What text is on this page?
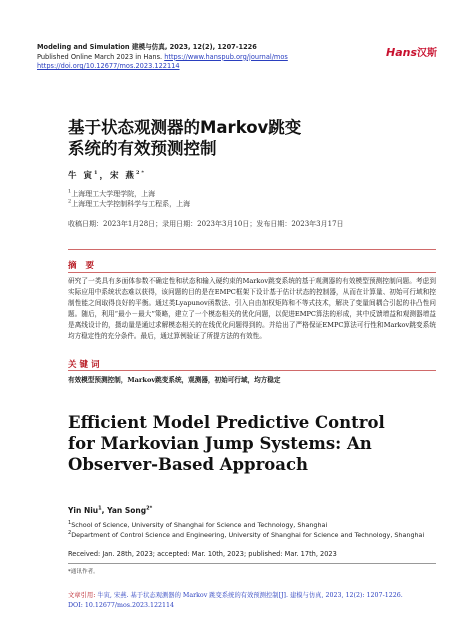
Modeling and Simulation 建模与仿真, 2023, 12(2), 1207-1226
Published Online March 2023 in Hans. https://www.hanspub.org/journal/mos
https://doi.org/10.12677/mos.2023.122114
Hans汉斯
基于状态观测器的Markov跳变
系统的有效预测控制
牛 寅$^1$，宋 燕$^{2*}$
$^1$上海理工大学理学院，上海
$^2$上海理工大学控制科学与工程系，上海
收稿日期：2023年1月28日；录用日期：2023年3月10日；发布日期：2023年3月17日
摘 要
研究了一类具有多面体参数不确定性和状态和输入硬约束的Markov跳变系统的基于观测器的有效模型预测控制问题。考虑到实际应用中系统状态难以获得，该问题的目的是在EMPC框架下设计基于估计状态的控制器，从而在计算量、初始可行域和控制性能之间取得良好的平衡。通过类Lyapunov函数法、引入自由加权矩阵和不等式技术，解决了变量间耦合引起的非凸性问题。随后，利用“最小－最大”策略，建立了一个模态相关的优化问题，以促进EMPC算法的形成，其中反馈增益和观测器增益是离线设计的，摄动量是通过求解模态相关的在线优化问题得到的。并给出了严格保证EMPC算法可行性和Markov跳变系统均方稳定性的充分条件。最后，通过算例验证了所提方法的有效性。
关键词
有效模型预测控制，Markov跳变系统，观测器，初始可行域，均方稳定
Efficient Model Predictive Control for Markovian Jump Systems: An Observer-Based Approach
Yin Niu$^1$, Yan Song$^{2*}$
$^1$School of Science, University of Shanghai for Science and Technology, Shanghai
$^2$Department of Control Science and Engineering, University of Shanghai for Science and Technology, Shanghai
Received: Jan. 28th, 2023; accepted: Mar. 10th, 2023; published: Mar. 17th, 2023
*通讯作者。
文章引用: 牛寅, 宋燕. 基于状态观测器的 Markov 跳变系统的有效预测控制[J]. 建模与仿真, 2023, 12(2): 1207-1226.
DOI: 10.12677/mos.2023.122114
